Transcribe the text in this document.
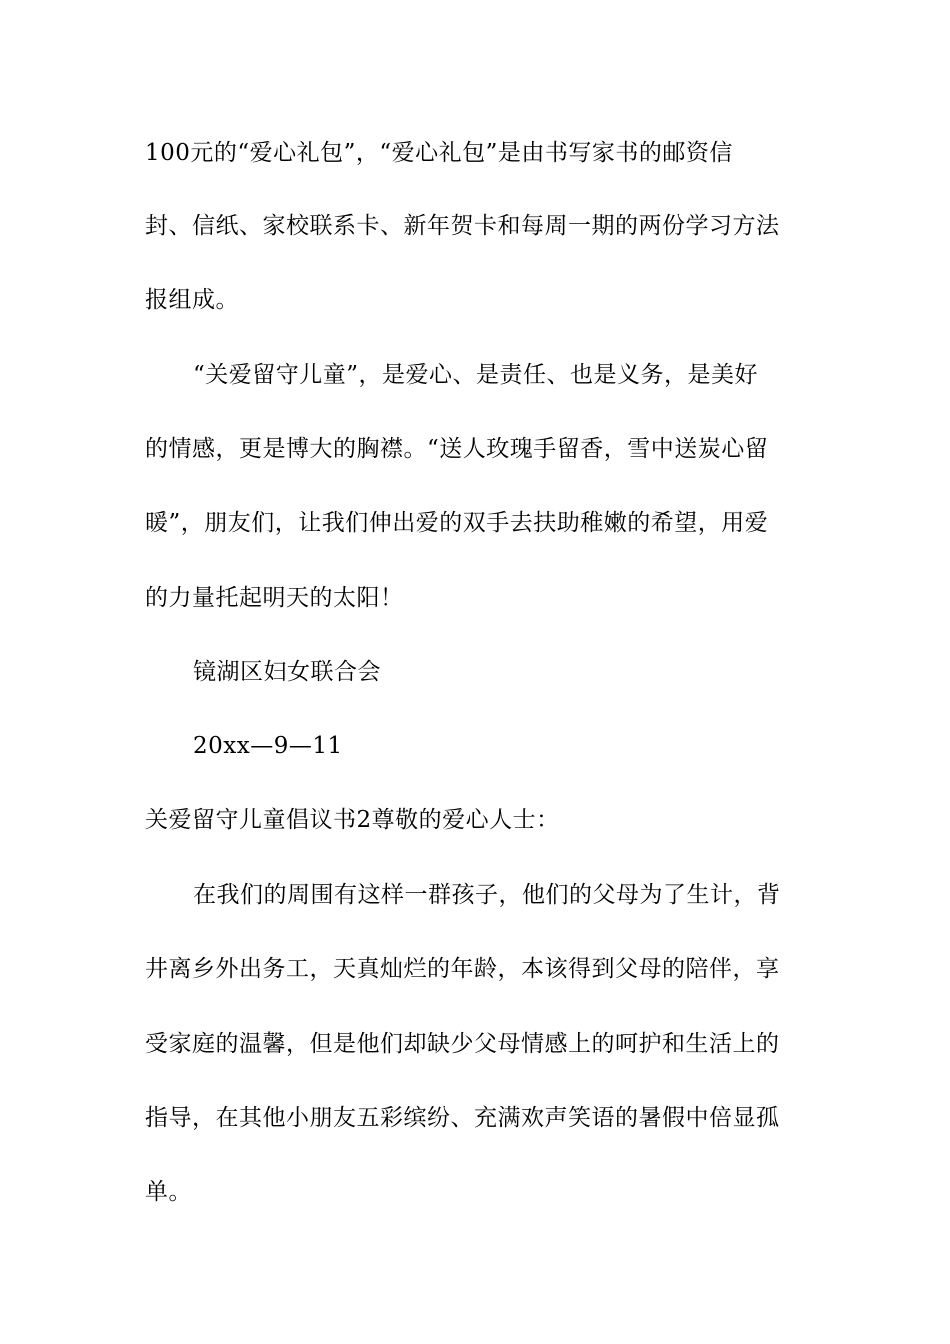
100元的“爱心礼包”，“爱心礼包”是由书写家书的邮资信
封、信纸、家校联系卡、新年贺卡和每周一期的两份学习方法
报组成。
“关爱留守儿童”，是爱心、是责任、也是义务，是美好
的情感，更是博大的胸襟。“送人玫瑰手留香，雪中送炭心留
暖”，朋友们，让我们伸出爱的双手去扶助稚嫩的希望，用爱
的力量托起明天的太阳！
镜湖区妇女联合会
20xx—9—11
关爱留守儿童倡议书2尊敬的爱心人士：
在我们的周围有这样一群孩子，他们的父母为了生计，背
井离乡外出务工，天真灿烂的年龄，本该得到父母的陪伴，享
受家庭的温馨，但是他们却缺少父母情感上的呵护和生活上的
指导，在其他小朋友五彩缤纷、充满欢声笑语的暑假中倍显孤
单。
